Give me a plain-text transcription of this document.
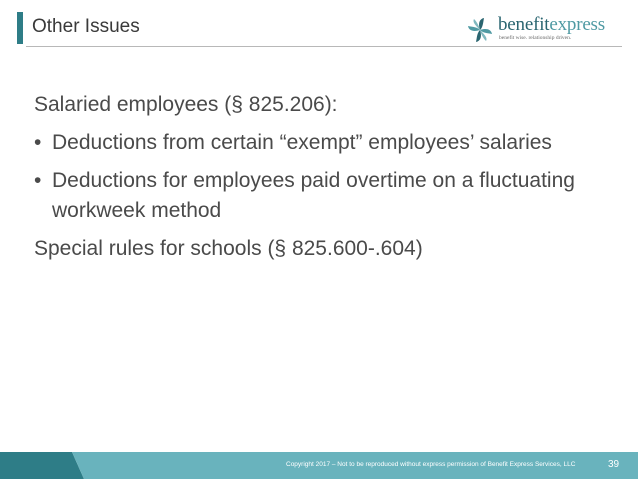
Other Issues	benefitexpress
benefit wise. relationship driven.
Salaried employees (§ 825.206):
• Deductions from certain “exempt” employees’ salaries
• Deductions for employees paid overtime on a fluctuating workweek method
Special rules for schools (§ 825.600-.604)
Copyright 2017 – Not to be reproduced without express permission of Benefit Express Services, LLC	39
